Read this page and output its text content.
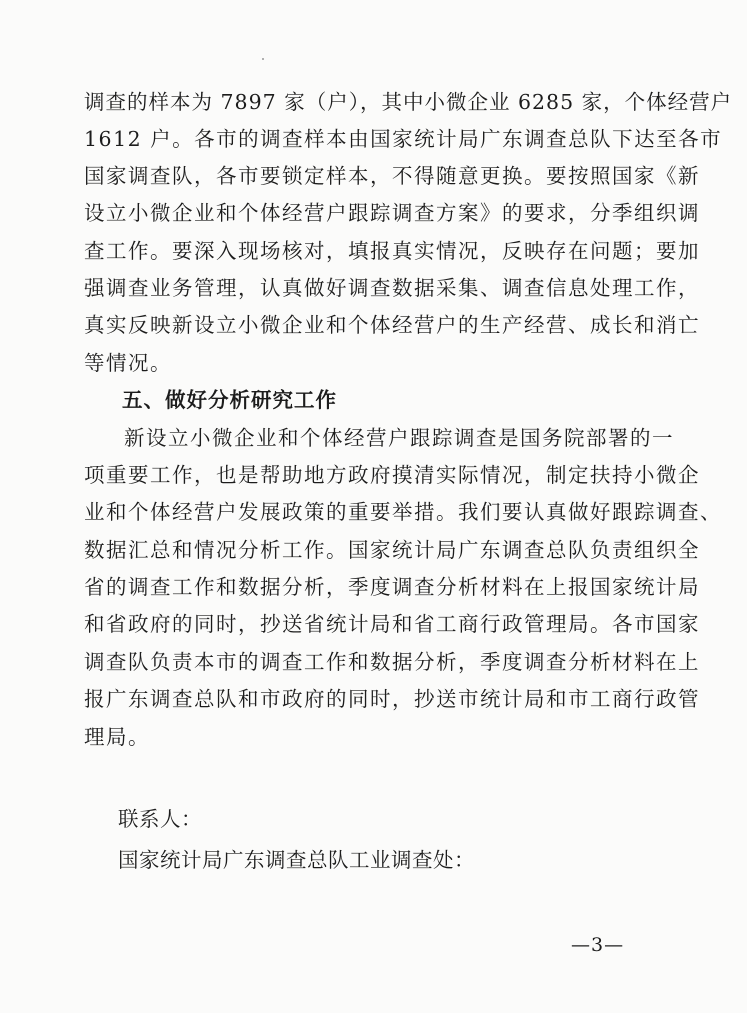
调查的样本为 7897 家（户），其中小微企业 6285 家，个体经营户
1612 户。各市的调查样本由国家统计局广东调查总队下达至各市
国家调查队，各市要锁定样本，不得随意更换。要按照国家《新
设立小微企业和个体经营户跟踪调查方案》的要求，分季组织调
查工作。要深入现场核对，填报真实情况，反映存在问题；要加
强调查业务管理，认真做好调查数据采集、调查信息处理工作，
真实反映新设立小微企业和个体经营户的生产经营、成长和消亡
等情况。
五、做好分析研究工作
新设立小微企业和个体经营户跟踪调查是国务院部署的一
项重要工作，也是帮助地方政府摸清实际情况，制定扶持小微企
业和个体经营户发展政策的重要举措。我们要认真做好跟踪调查、
数据汇总和情况分析工作。国家统计局广东调查总队负责组织全
省的调查工作和数据分析，季度调查分析材料在上报国家统计局
和省政府的同时，抄送省统计局和省工商行政管理局。各市国家
调查队负责本市的调查工作和数据分析，季度调查分析材料在上
报广东调查总队和市政府的同时，抄送市统计局和市工商行政管
理局。
联系人：
国家统计局广东调查总队工业调查处：
—3—
